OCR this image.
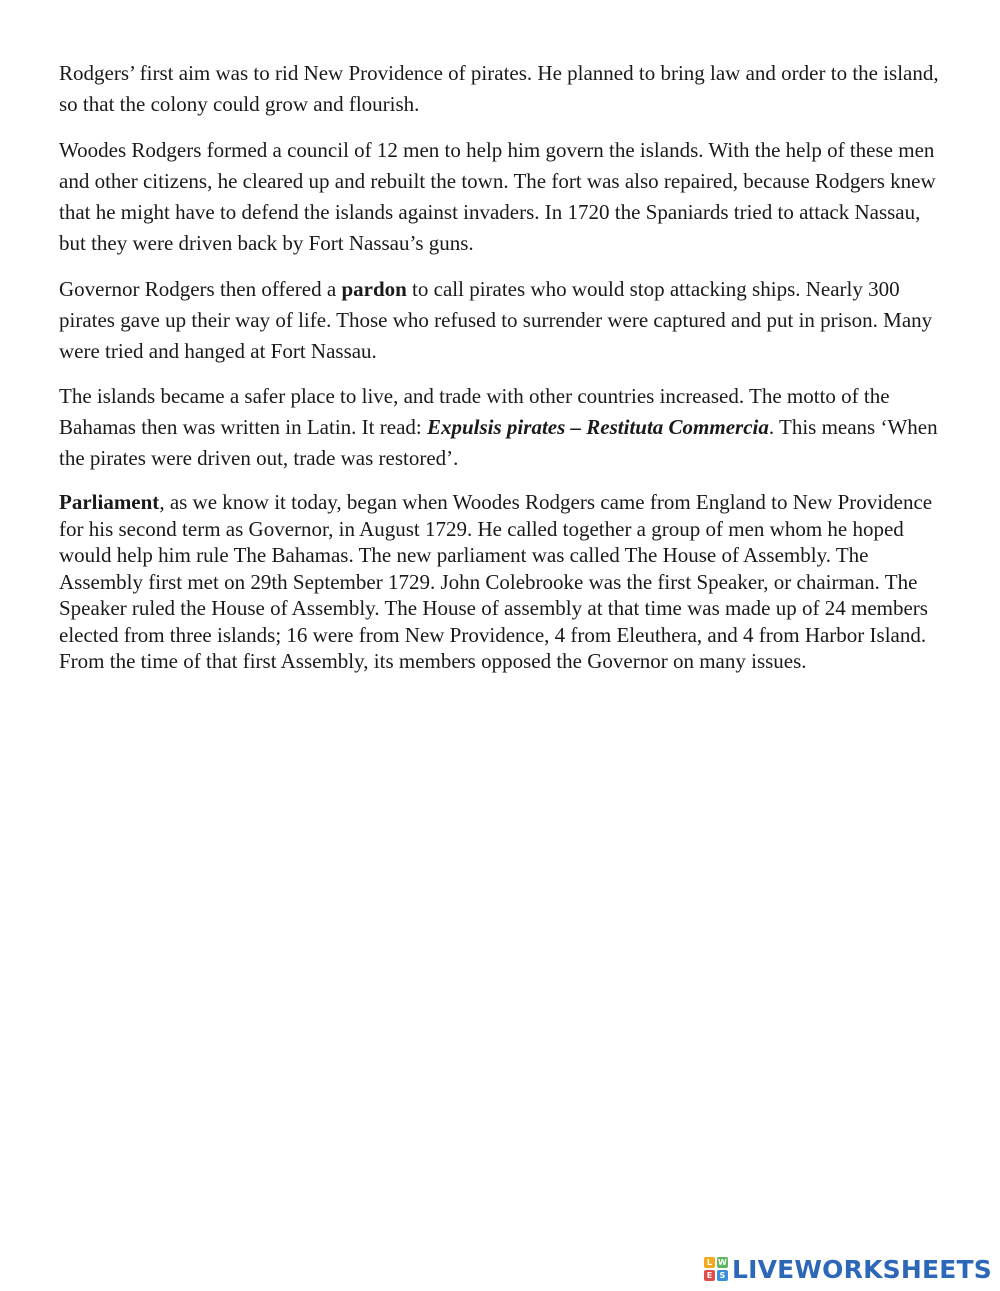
Rodgers’ first aim was to rid New Providence of pirates. He planned to bring law and order to the island, so that the colony could grow and flourish.

Woodes Rodgers formed a council of 12 men to help him govern the islands. With the help of these men and other citizens, he cleared up and rebuilt the town. The fort was also repaired, because Rodgers knew that he might have to defend the islands against invaders. In 1720 the Spaniards tried to attack Nassau, but they were driven back by Fort Nassau’s guns.

Governor Rodgers then offered a pardon to call pirates who would stop attacking ships. Nearly 300 pirates gave up their way of life. Those who refused to surrender were captured and put in prison. Many were tried and hanged at Fort Nassau.

The islands became a safer place to live, and trade with other countries increased. The motto of the Bahamas then was written in Latin. It read: Expulsis pirates – Restituta Commercia. This means ‘When the pirates were driven out, trade was restored’.

Parliament, as we know it today, began when Woodes Rodgers came from England to New Providence for his second term as Governor, in August 1729. He called together a group of men whom he hoped would help him rule The Bahamas. The new parliament was called The House of Assembly. The Assembly first met on 29th September 1729. John Colebrooke was the first Speaker, or chairman. The Speaker ruled the House of Assembly. The House of assembly at that time was made up of 24 members elected from three islands; 16 were from New Providence, 4 from Eleuthera, and 4 from Harbor Island. From the time of that first Assembly, its members opposed the Governor on many issues.

L W
E S LIVEWORKSHEETS
